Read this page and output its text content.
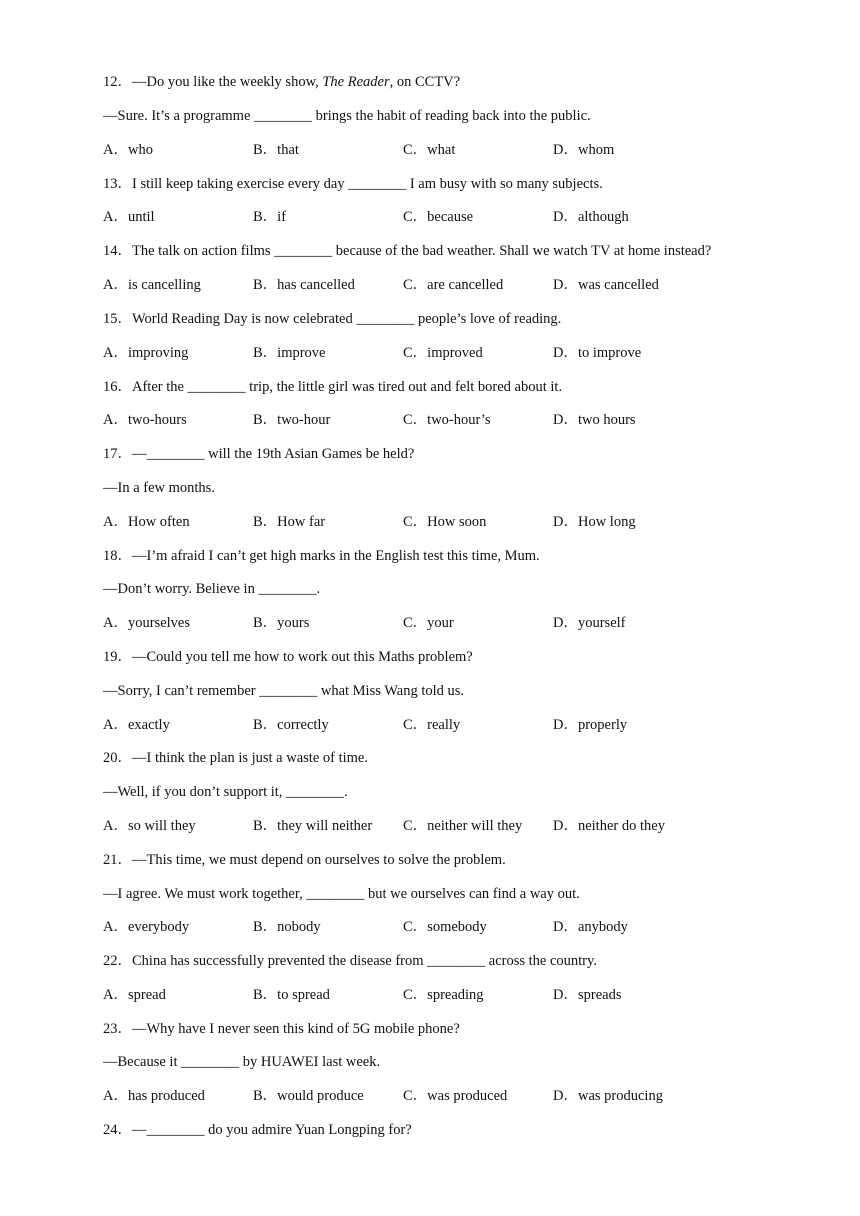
12．—Do you like the weekly show, The Reader, on CCTV?
—Sure. It’s a programme ________ brings the habit of reading back into the public.
A．who	B．that	C．what	D．whom
13．I still keep taking exercise every day ________ I am busy with so many subjects.
A．until	B．if	C．because	D．although
14．The talk on action films ________ because of the bad weather. Shall we watch TV at home instead?
A．is cancelling	B．has cancelled	C．are cancelled	D．was cancelled
15．World Reading Day is now celebrated ________ people’s love of reading.
A．improving	B．improve	C．improved	D．to improve
16．After the ________ trip, the little girl was tired out and felt bored about it.
A．two-hours	B．two-hour	C．two-hour’s	D．two hours
17．—________ will the 19th Asian Games be held?
—In a few months.
A．How often	B．How far	C．How soon	D．How long
18．—I’m afraid I can’t get high marks in the English test this time, Mum.
—Don’t worry. Believe in ________.
A．yourselves	B．yours	C．your	D．yourself
19．—Could you tell me how to work out this Maths problem?
—Sorry, I can’t remember ________ what Miss Wang told us.
A．exactly	B．correctly	C．really	D．properly
20．—I think the plan is just a waste of time.
—Well, if you don’t support it, ________.
A．so will they	B．they will neither C．neither will they D．neither do they
21．—This time, we must depend on ourselves to solve the problem.
—I agree. We must work together, ________ but we ourselves can find a way out.
A．everybody	B．nobody	C．somebody	D．anybody
22．China has successfully prevented the disease from ________ across the country.
A．spread	B．to spread	C．spreading	D．spreads
23．—Why have I never seen this kind of 5G mobile phone?
—Because it ________ by HUAWEI last week.
A．has produced	B．would produce	C．was produced	D．was producing
24．—________ do you admire Yuan Longping for?
